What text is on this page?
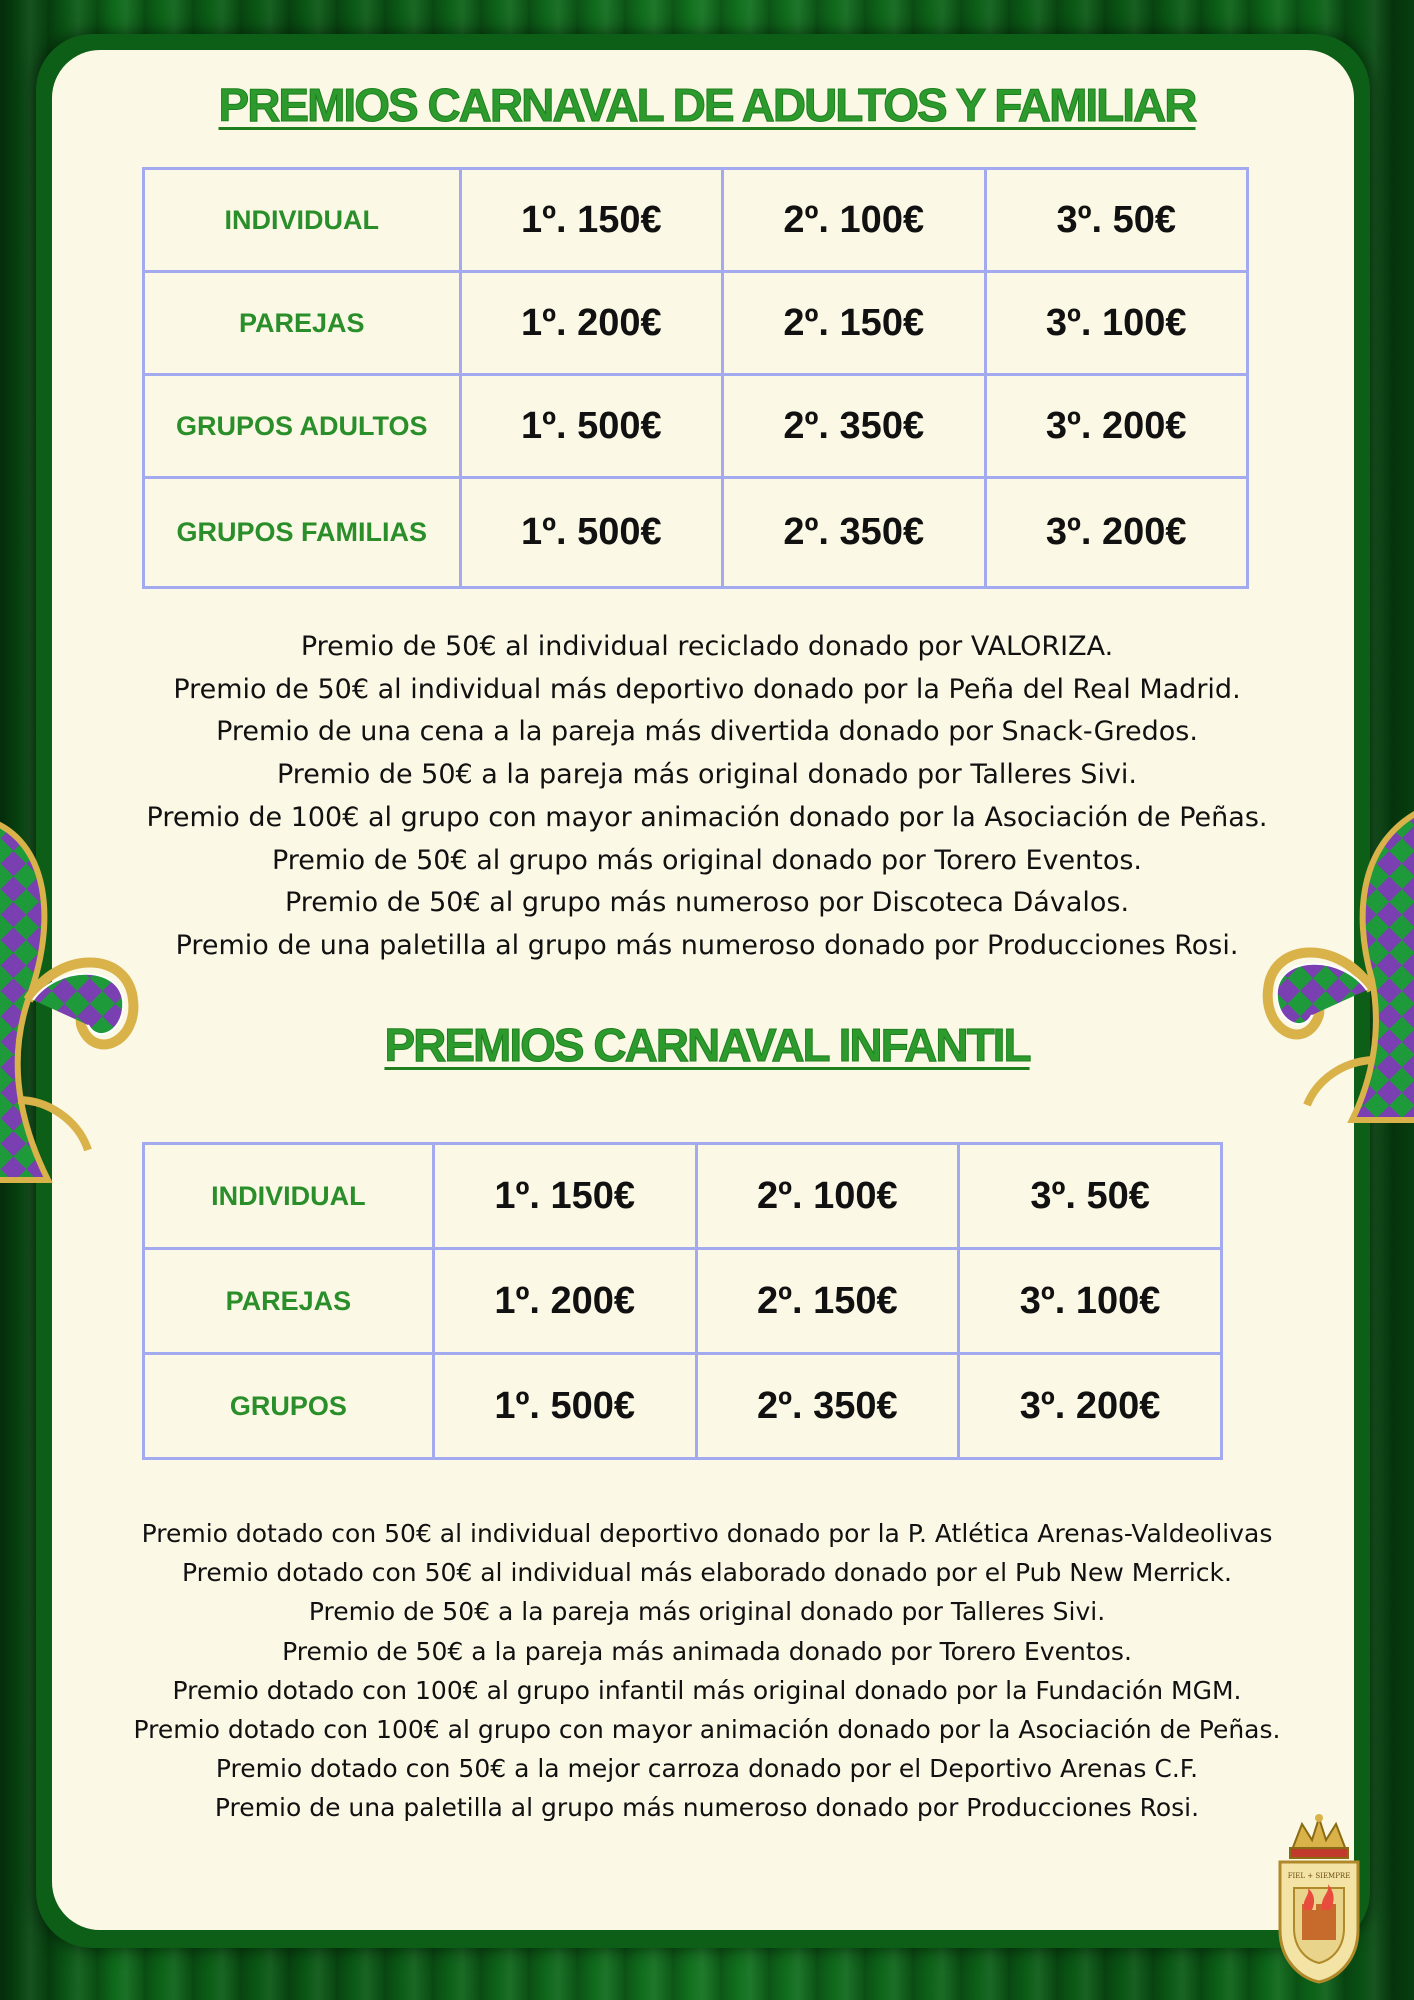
PREMIOS CARNAVAL DE ADULTOS Y FAMILIAR
INDIVIDUAL	1º. 150€	2º. 100€	3º. 50€
PAREJAS	1º. 200€	2º. 150€	3º. 100€
GRUPOS ADULTOS	1º. 500€	2º. 350€	3º. 200€
GRUPOS FAMILIAS	1º. 500€	2º. 350€	3º. 200€

Premio de 50€ al individual reciclado donado por VALORIZA.

Premio de 50€ al individual más deportivo donado por la Peña del Real Madrid.

Premio de una cena a la pareja más divertida donado por Snack-Gredos.

Premio de 50€ a la pareja más original donado por Talleres Sivi.

Premio de 100€ al grupo con mayor animación donado por la Asociación de Peñas.

Premio de 50€ al grupo más original donado por Torero Eventos.

Premio de 50€ al grupo más numeroso por Discoteca Dávalos.

Premio de una paletilla al grupo más numeroso donado por Producciones Rosi.

PREMIOS CARNAVAL INFANTIL
INDIVIDUAL	1º. 150€	2º. 100€	3º. 50€
PAREJAS	1º. 200€	2º. 150€	3º. 100€
GRUPOS	1º. 500€	2º. 350€	3º. 200€

Premio dotado con 50€ al individual deportivo donado por la P. Atlética Arenas-Valdeolivas

Premio dotado con 50€ al individual más elaborado donado por el Pub New Merrick.

Premio de 50€ a la pareja más original donado por Talleres Sivi.

Premio de 50€ a la pareja más animada donado por Torero Eventos.

Premio dotado con 100€ al grupo infantil más original donado por la Fundación MGM.

Premio dotado con 100€ al grupo con mayor animación donado por la Asociación de Peñas.

Premio dotado con 50€ a la mejor carroza donado por el Deportivo Arenas C.F.

Premio de una paletilla al grupo más numeroso donado por Producciones Rosi.

FIEL + SIEMPRE
